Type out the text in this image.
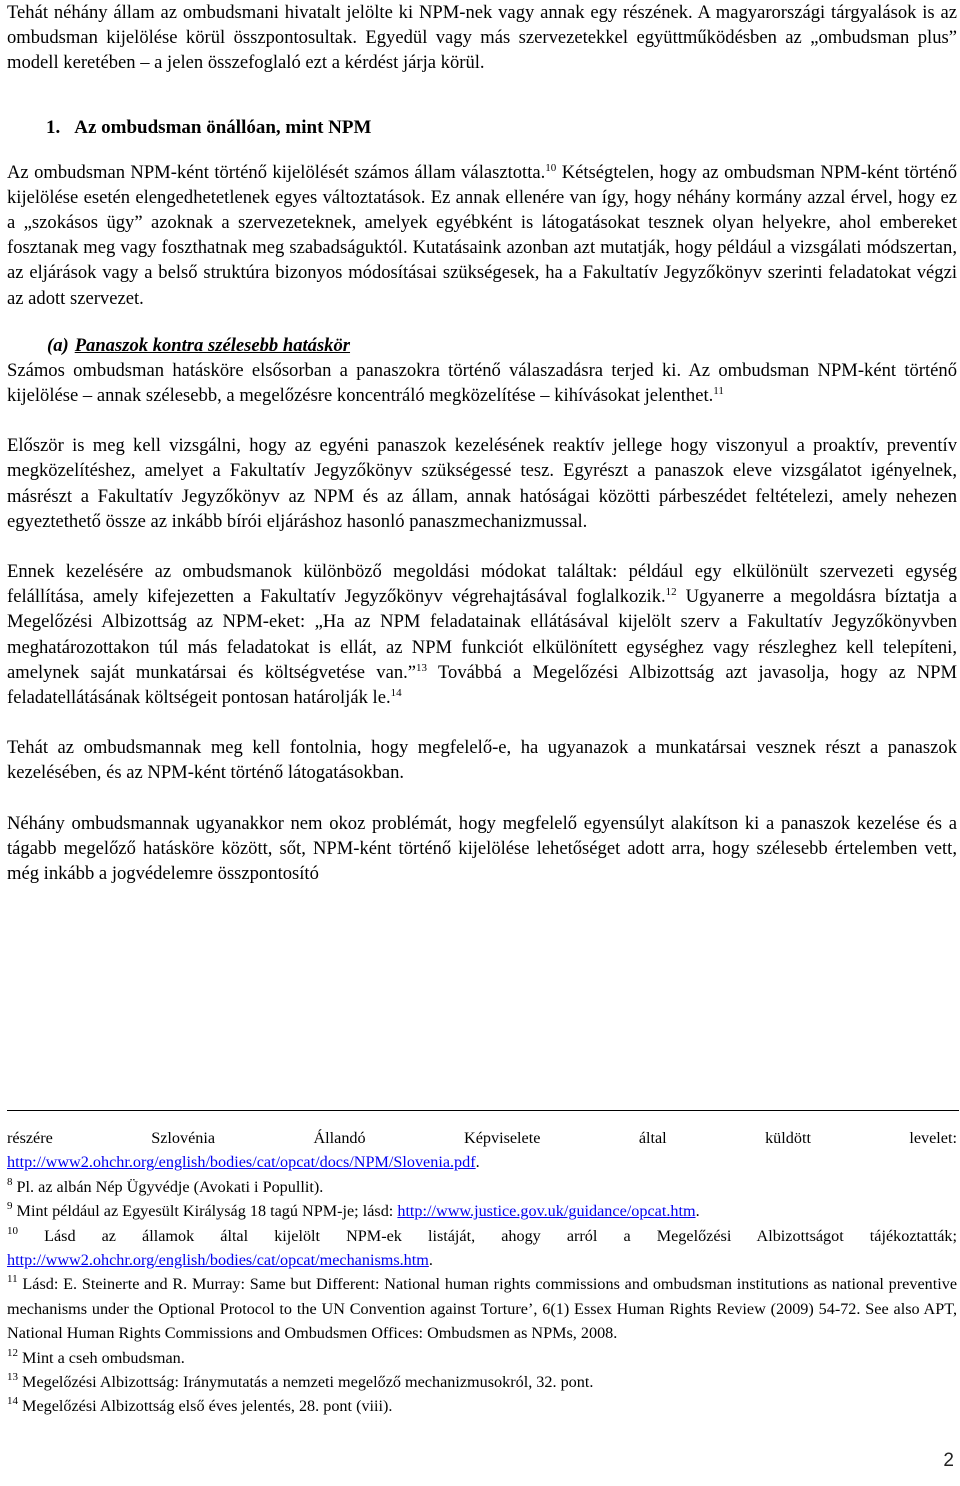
Tehát néhány állam az ombudsmani hivatalt jelölte ki NPM-nek vagy annak egy részének. A magyarországi tárgyalások is az ombudsman kijelölése körül összpontosultak. Egyedül vagy más szervezetekkel együttműködésben az „ombudsman plus” modell keretében – a jelen összefoglaló ezt a kérdést járja körül.

1. Az ombudsman önállóan, mint NPM

Az ombudsman NPM-ként történő kijelölését számos állam választotta.$^{10}$ Kétségtelen, hogy az ombudsman NPM-ként történő kijelölése esetén elengedhetetlenek egyes változtatások. Ez annak ellenére van így, hogy néhány kormány azzal érvel, hogy ez a „szokásos ügy” azoknak a szervezeteknek, amelyek egyébként is látogatásokat tesznek olyan helyekre, ahol embereket fosztanak meg vagy foszthatnak meg szabadságuktól. Kutatásaink azonban azt mutatják, hogy például a vizsgálati módszertan, az eljárások vagy a belső struktúra bizonyos módosításai szükségesek, ha a Fakultatív Jegyzőkönyv szerinti feladatokat végzi az adott szervezet.

(a) Panaszok kontra szélesebb hatáskör

Számos ombudsman hatásköre elsősorban a panaszokra történő válaszadásra terjed ki. Az ombudsman NPM-ként történő kijelölése – annak szélesebb, a megelőzésre koncentráló megközelítése – kihívásokat jelenthet.$^{11}$

Először is meg kell vizsgálni, hogy az egyéni panaszok kezelésének reaktív jellege hogy viszonyul a proaktív, preventív megközelítéshez, amelyet a Fakultatív Jegyzőkönyv szükségessé tesz. Egyrészt a panaszok eleve vizsgálatot igényelnek, másrészt a Fakultatív Jegyzőkönyv az NPM és az állam, annak hatóságai közötti párbeszédet feltételezi, amely nehezen egyeztethető össze az inkább bírói eljáráshoz hasonló panaszmechanizmussal.

Ennek kezelésére az ombudsmanok különböző megoldási módokat találtak: például egy elkülönült szervezeti egység felállítása, amely kifejezetten a Fakultatív Jegyzőkönyv végrehajtásával foglalkozik.$^{12}$ Ugyanerre a megoldásra bíztatja a Megelőzési Albizottság az NPM-eket: „Ha az NPM feladatainak ellátásával kijelölt szerv a Fakultatív Jegyzőkönyvben meghatározottakon túl más feladatokat is ellát, az NPM funkciót elkülönített egységhez vagy részleghez kell telepíteni, amelynek saját munkatársai és költségvetése van.”$^{13}$ Továbbá a Megelőzési Albizottság azt javasolja, hogy az NPM feladatellátásának költségeit pontosan határolják le.$^{14}$

Tehát az ombudsmannak meg kell fontolnia, hogy megfelelő-e, ha ugyanazok a munkatársai vesznek részt a panaszok kezelésében, és az NPM-ként történő látogatásokban.

Néhány ombudsmannak ugyanakkor nem okoz problémát, hogy megfelelő egyensúlyt alakítson ki a panaszok kezelése és a tágabb megelőző hatásköre között, sőt, NPM-ként történő kijelölése lehetőséget adott arra, hogy szélesebb értelemben vett, még inkább a jogvédelemre összpontosító

részére Szlovénia Állandó Képviselete által küldött levelet:

http://www2.ohchr.org/english/bodies/cat/opcat/docs/NPM/Slovenia.pdf.

$^8$ Pl. az albán Nép Ügyvédje (Avokati i Popullit).

$^9$ Mint például az Egyesült Királyság 18 tagú NPM-je; lásd: http://www.justice.gov.uk/guidance/opcat.htm.

$^{10}$ Lásd az államok által kijelölt NPM-ek listáját, ahogy arról a Megelőzési Albizottságot tájékoztatták; http://www2.ohchr.org/english/bodies/cat/opcat/mechanisms.htm.

$^{11}$ Lásd: E. Steinerte and R. Murray: Same but Different: National human rights commissions and ombudsman institutions as national preventive mechanisms under the Optional Protocol to the UN Convention against Torture’, 6(1) Essex Human Rights Review (2009) 54-72. See also APT, National Human Rights Commissions and Ombudsmen Offices: Ombudsmen as NPMs, 2008.

$^{12}$ Mint a cseh ombudsman.

$^{13}$ Megelőzési Albizottság: Iránymutatás a nemzeti megelőző mechanizmusokról, 32. pont.

$^{14}$ Megelőzési Albizottság első éves jelentés, 28. pont (viii).

2
